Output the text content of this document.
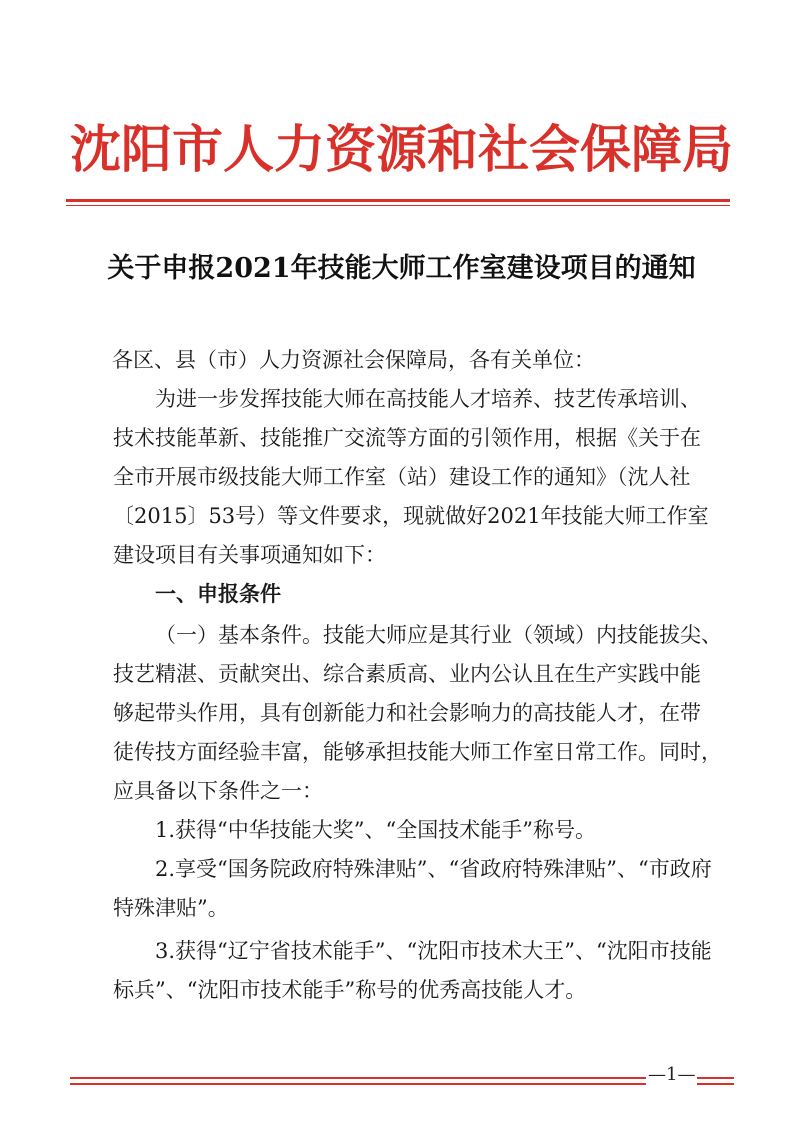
沈阳市人力资源和社会保障局
关于申报2021年技能大师工作室建设项目的通知
各区、县（市）人力资源社会保障局，各有关单位：
为进一步发挥技能大师在高技能人才培养、技艺传承培训、
技术技能革新、技能推广交流等方面的引领作用，根据《关于在
全市开展市级技能大师工作室（站）建设工作的通知》（沈人社
〔2015〕53号）等文件要求，现就做好2021年技能大师工作室
建设项目有关事项通知如下：
一、申报条件
（一）基本条件。技能大师应是其行业（领域）内技能拔尖、
技艺精湛、贡献突出、综合素质高、业内公认且在生产实践中能
够起带头作用，具有创新能力和社会影响力的高技能人才，在带
徒传技方面经验丰富，能够承担技能大师工作室日常工作。同时，
应具备以下条件之一：
1.获得“中华技能大奖”、“全国技术能手”称号。
2.享受“国务院政府特殊津贴”、“省政府特殊津贴”、“市政府
特殊津贴”。
3.获得“辽宁省技术能手”、“沈阳市技术大王”、“沈阳市技能
标兵”、“沈阳市技术能手”称号的优秀高技能人才。
—1—
